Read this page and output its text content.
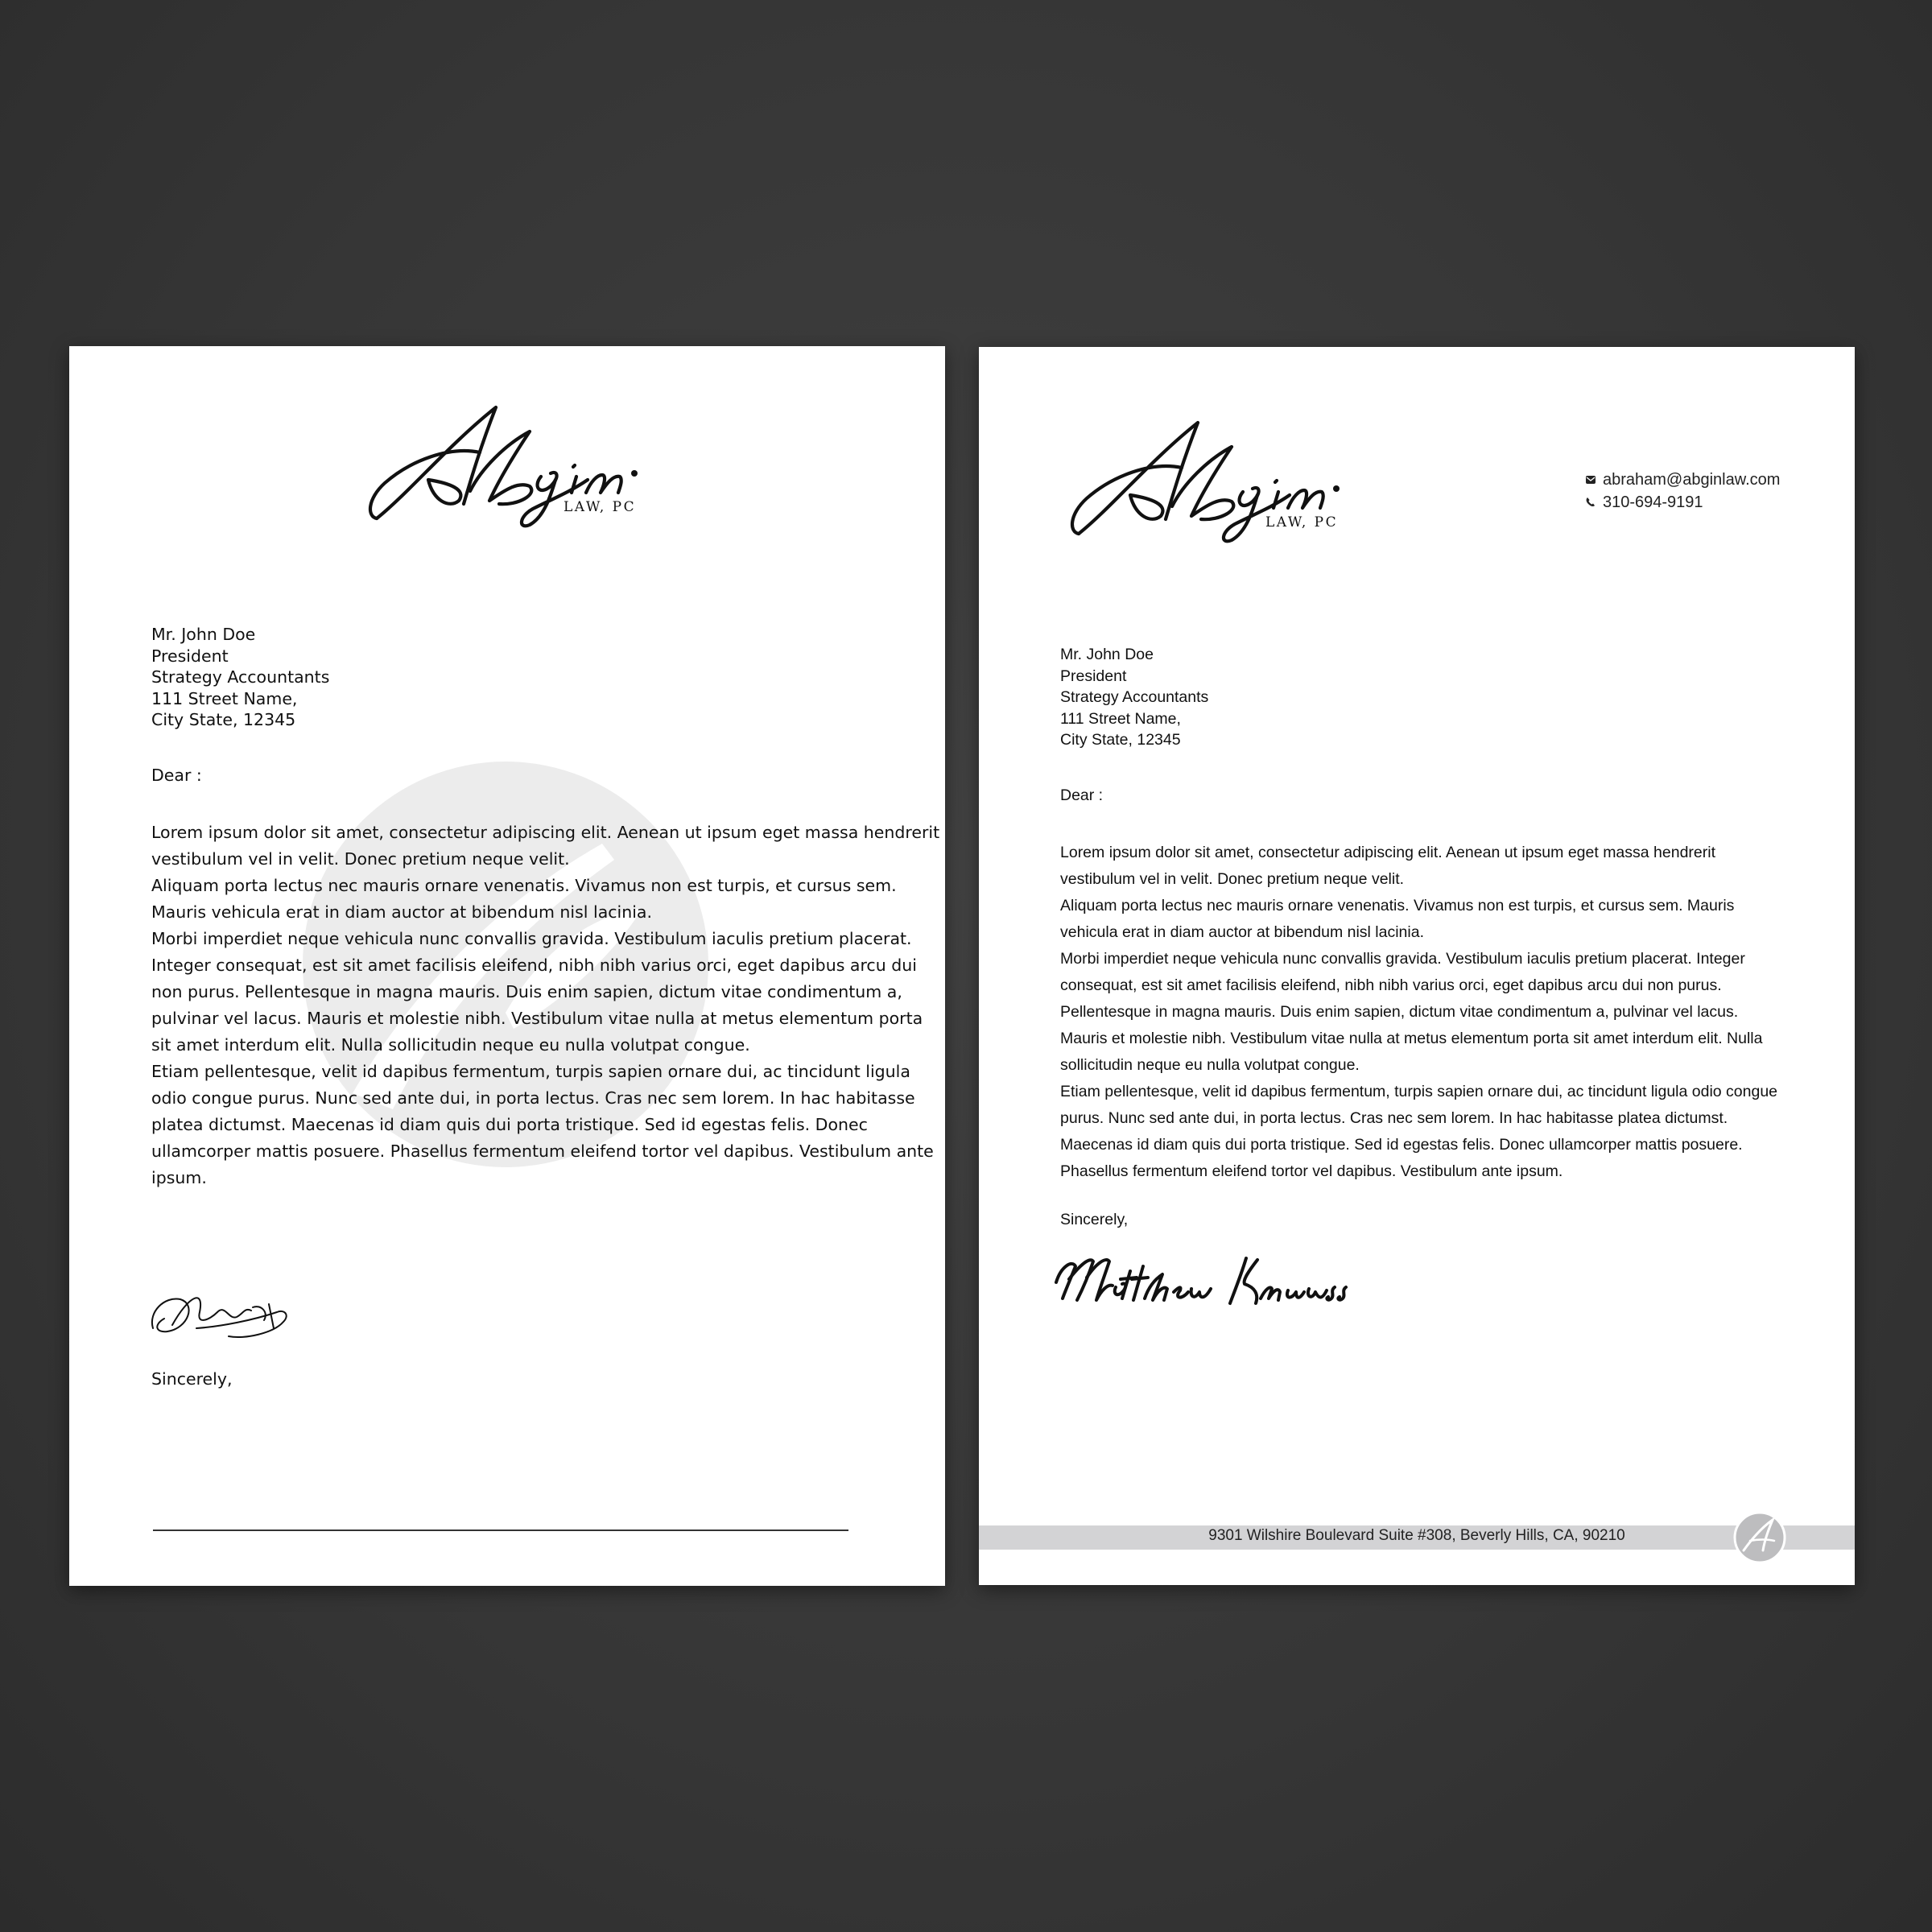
LAW, PC
Mr. John Doe
President
Strategy Accountants
111 Street Name,
City State, 12345
Dear :
Lorem ipsum dolor sit amet, consectetur adipiscing elit. Aenean ut ipsum eget massa hendrerit vestibulum vel in velit. Donec pretium neque velit.
Aliquam porta lectus nec mauris ornare venenatis. Vivamus non est turpis, et cursus sem. Mauris vehicula erat in diam auctor at bibendum nisl lacinia.
Morbi imperdiet neque vehicula nunc convallis gravida. Vestibulum iaculis pretium placerat. Integer consequat, est sit amet facilisis eleifend, nibh nibh varius orci, eget dapibus arcu dui non purus. Pellentesque in magna mauris. Duis enim sapien, dictum vitae condimentum a, pulvinar vel lacus. Mauris et molestie nibh. Vestibulum vitae nulla at metus elementum porta sit amet interdum elit. Nulla sollicitudin neque eu nulla volutpat congue.
Etiam pellentesque, velit id dapibus fermentum, turpis sapien ornare dui, ac tincidunt ligula odio congue purus. Nunc sed ante dui, in porta lectus. Cras nec sem lorem. In hac habitasse platea dictumst. Maecenas id diam quis dui porta tristique. Sed id egestas felis. Donec ullamcorper mattis posuere. Phasellus fermentum eleifend tortor vel dapibus. Vestibulum ante ipsum.
Sincerely,
LAW, PC
abraham@abginlaw.com
310-694-9191
Mr. John Doe
President
Strategy Accountants
111 Street Name,
City State, 12345
Dear :
Lorem ipsum dolor sit amet, consectetur adipiscing elit. Aenean ut ipsum eget massa hendrerit vestibulum vel in velit. Donec pretium neque velit.
Aliquam porta lectus nec mauris ornare venenatis. Vivamus non est turpis, et cursus sem. Mauris vehicula erat in diam auctor at bibendum nisl lacinia.
Morbi imperdiet neque vehicula nunc convallis gravida. Vestibulum iaculis pretium placerat. Integer consequat, est sit amet facilisis eleifend, nibh nibh varius orci, eget dapibus arcu dui non purus. Pellentesque in magna mauris. Duis enim sapien, dictum vitae condimentum a, pulvinar vel lacus. Mauris et molestie nibh. Vestibulum vitae nulla at metus elementum porta sit amet interdum elit. Nulla sollicitudin neque eu nulla volutpat congue.
Etiam pellentesque, velit id dapibus fermentum, turpis sapien ornare dui, ac tincidunt ligula odio congue purus. Nunc sed ante dui, in porta lectus. Cras nec sem lorem. In hac habitasse platea dictumst. Maecenas id diam quis dui porta tristique. Sed id egestas felis. Donec ullamcorper mattis posuere. Phasellus fermentum eleifend tortor vel dapibus. Vestibulum ante ipsum.
Sincerely,
9301 Wilshire Boulevard Suite #308, Beverly Hills, CA, 90210
